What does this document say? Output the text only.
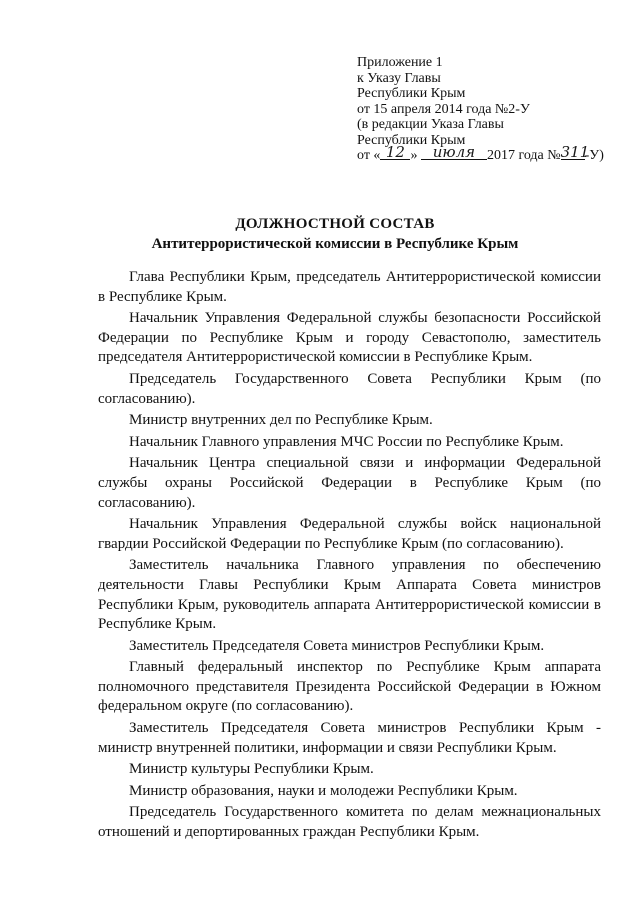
Приложение 1
к Указу Главы
Республики Крым
от 15 апреля 2014 года №2-У
(в редакции Указа Главы
Республики Крым
от « 12 » июля 2017 года №311-У)
ДОЛЖНОСТНОЙ СОСТАВ
Антитеррористической комиссии в Республике Крым

Глава Республики Крым, председатель Антитеррористической комиссии в Республике Крым.

Начальник Управления Федеральной службы безопасности Российской Федерации по Республике Крым и городу Севастополю, заместитель председателя Антитеррористической комиссии в Республике Крым.

Председатель Государственного Совета Республики Крым (по согласованию).

Министр внутренних дел по Республике Крым.

Начальник Главного управления МЧС России по Республике Крым.

Начальник Центра специальной связи и информации Федеральной службы охраны Российской Федерации в Республике Крым (по согласованию).

Начальник Управления Федеральной службы войск национальной гвардии Российской Федерации по Республике Крым (по согласованию).

Заместитель начальника Главного управления по обеспечению деятельности Главы Республики Крым Аппарата Совета министров Республики Крым, руководитель аппарата Антитеррористической комиссии в Республике Крым.

Заместитель Председателя Совета министров Республики Крым.

Главный федеральный инспектор по Республике Крым аппарата полномочного представителя Президента Российской Федерации в Южном федеральном округе (по согласованию).

Заместитель Председателя Совета министров Республики Крым - министр внутренней политики, информации и связи Республики Крым.

Министр культуры Республики Крым.

Министр образования, науки и молодежи Республики Крым.

Председатель Государственного комитета по делам межнациональных отношений и депортированных граждан Республики Крым.
